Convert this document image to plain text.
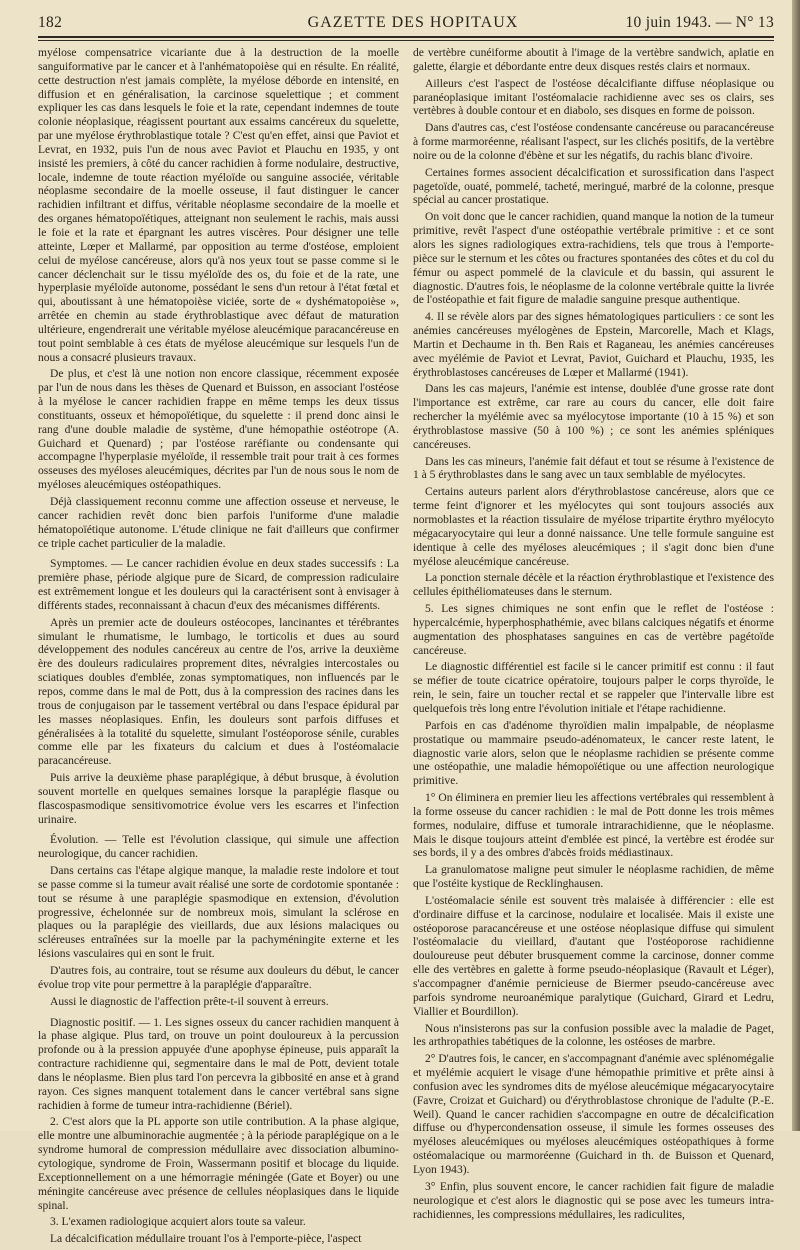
182	GAZETTE DES HOPITAUX	10 juin 1943. — N° 13

myélose compensatrice vicariante due à la destruction de la moelle sanguiformative par le cancer et à l'anhématopoièse qui en résulte. En réalité, cette destruction n'est jamais complète, la myélose déborde en intensité, en diffusion et en généralisation, la carcinose squelettique ; et comment expliquer les cas dans lesquels le foie et la rate, cependant indemnes de toute colonie néoplasique, réagissent pourtant aux essaims cancéreux du squelette, par une myélose érythroblastique totale ? C'est qu'en effet, ainsi que Paviot et Levrat, en 1932, puis l'un de nous avec Paviot et Plauchu en 1935, y ont insisté les premiers, à côté du cancer rachidien à forme nodulaire, destructive, locale, indemne de toute réaction myéloïde ou sanguine associée, véritable néoplasme secondaire de la moelle osseuse, il faut distinguer le cancer rachidien infiltrant et diffus, véritable néoplasme secondaire de la moelle et des organes hématopoïétiques, atteignant non seulement le rachis, mais aussi le foie et la rate et épargnant les autres viscères. Pour désigner une telle atteinte, Lœper et Mallarmé, par opposition au terme d'ostéose, emploient celui de myélose cancéreuse, alors qu'à nos yeux tout se passe comme si le cancer déclenchait sur le tissu myéloïde des os, du foie et de la rate, une hyperplasie myéloïde autonome, possédant le sens d'un retour à l'état fœtal et qui, aboutissant à une hématopoièse viciée, sorte de « dyshématopoièse », arrêtée en chemin au stade érythroblastique avec défaut de maturation ultérieure, engendrerait une véritable myélose aleucémique paracancéreuse en tout point semblable à ces états de myélose aleucémique sur lesquels l'un de nous a consacré plusieurs travaux.

De plus, et c'est là une notion non encore classique, récemment exposée par l'un de nous dans les thèses de Quenard et Buisson, en associant l'ostéose à la myélose le cancer rachidien frappe en même temps les deux tissus constituants, osseux et hémopoïétique, du squelette : il prend donc ainsi le rang d'une double maladie de système, d'une hémopathie ostéotrope (A. Guichard et Quenard) ; par l'ostéose raréfiante ou condensante qui accompagne l'hyperplasie myéloïde, il ressemble trait pour trait à ces formes osseuses des myéloses aleucémiques, décrites par l'un de nous sous le nom de myéloses aleucémiques ostéopathiques.

Déjà classiquement reconnu comme une affection osseuse et nerveuse, le cancer rachidien revêt donc bien parfois l'uniforme d'une maladie hématopoïétique autonome. L'étude clinique ne fait d'ailleurs que confirmer ce triple cachet particulier de la maladie.

Symptomes. — Le cancer rachidien évolue en deux stades successifs : La première phase, période algique pure de Sicard, de compression radiculaire est extrêmement longue et les douleurs qui la caractérisent sont à envisager à différents stades, reconnaissant à chacun d'eux des mécanismes différents.

Après un premier acte de douleurs ostéocopes, lancinantes et térébrantes simulant le rhumatisme, le lumbago, le torticolis et dues au sourd développement des nodules cancéreux au centre de l'os, arrive la deuxième ère des douleurs radiculaires proprement dites, névralgies intercostales ou sciatiques doubles d'emblée, zonas symptomatiques, non influencés par le repos, comme dans le mal de Pott, dus à la compression des racines dans les trous de conjugaison par le tassement vertébral ou dans l'espace épidural par les masses néoplasiques. Enfin, les douleurs sont parfois diffuses et généralisées à la totalité du squelette, simulant l'ostéoporose sénile, curables comme elle par les fixateurs du calcium et dues à l'ostéomalacie paracancéreuse.

Puis arrive la deuxième phase paraplégique, à début brusque, à évolution souvent mortelle en quelques semaines lorsque la paraplégie flasque ou flascospasmodique sensitivomotrice évolue vers les escarres et l'infection urinaire.

Évolution. — Telle est l'évolution classique, qui simule une affection neurologique, du cancer rachidien.

Dans certains cas l'étape algique manque, la maladie reste indolore et tout se passe comme si la tumeur avait réalisé une sorte de cordotomie spontanée : tout se résume à une paraplégie spasmodique en extension, d'évolution progressive, échelonnée sur de nombreux mois, simulant la sclérose en plaques ou la paraplégie des vieillards, due aux lésions malaciques ou scléreuses entraînées sur la moelle par la pachyméningite externe et les lésions vasculaires qui en sont le fruit.

D'autres fois, au contraire, tout se résume aux douleurs du début, le cancer évolue trop vite pour permettre à la paraplégie d'apparaître.

Aussi le diagnostic de l'affection prête-t-il souvent à erreurs.

Diagnostic positif. — 1. Les signes osseux du cancer rachidien manquent à la phase algique. Plus tard, on trouve un point douloureux à la percussion profonde ou à la pression appuyée d'une apophyse épineuse, puis apparaît la contracture rachidienne qui, segmentaire dans le mal de Pott, devient totale dans le néoplasme. Bien plus tard l'on percevra la gibbosité en anse et à grand rayon. Ces signes manquent totalement dans le cancer vertébral sans signe rachidien à forme de tumeur intra-rachidienne (Bériel).

2. C'est alors que la PL apporte son utile contribution. A la phase algique, elle montre une albuminorachie augmentée ; à la période paraplégique on a le syndrome humoral de compression médullaire avec dissociation albumino-cytologique, syndrome de Froin, Wassermann positif et blocage du liquide. Exceptionnellement on a une hémorragie méningée (Gate et Boyer) ou une méningite cancéreuse avec présence de cellules néoplasiques dans le liquide spinal.

3. L'examen radiologique acquiert alors toute sa valeur.

La décalcification médullaire trouant l'os à l'emporte-pièce, l'aspect

de vertèbre cunéiforme aboutit à l'image de la vertèbre sandwich, aplatie en galette, élargie et débordante entre deux disques restés clairs et normaux.

Ailleurs c'est l'aspect de l'ostéose décalcifiante diffuse néoplasique ou paranéoplasique imitant l'ostéomalacie rachidienne avec ses os clairs, ses vertèbres à double contour et en diabolo, ses disques en forme de poisson.

Dans d'autres cas, c'est l'ostéose condensante cancéreuse ou paracancéreuse à forme marmoréenne, réalisant l'aspect, sur les clichés positifs, de la vertèbre noire ou de la colonne d'ébène et sur les négatifs, du rachis blanc d'ivoire.

Certaines formes associent décalcification et surossification dans l'aspect pagetoïde, ouaté, pommelé, tacheté, meringué, marbré de la colonne, presque spécial au cancer prostatique.

On voit donc que le cancer rachidien, quand manque la notion de la tumeur primitive, revêt l'aspect d'une ostéopathie vertébrale primitive : et ce sont alors les signes radiologiques extra-rachidiens, tels que trous à l'emporte-pièce sur le sternum et les côtes ou fractures spontanées des côtes et du col du fémur ou aspect pommelé de la clavicule et du bassin, qui assurent le diagnostic. D'autres fois, le néoplasme de la colonne vertébrale quitte la livrée de l'ostéopathie et fait figure de maladie sanguine presque authentique.

4. Il se révèle alors par des signes hématologiques particuliers : ce sont les anémies cancéreuses myélogènes de Epstein, Marcorelle, Mach et Klags, Martin et Dechaume in th. Ben Rais et Raganeau, les anémies cancéreuses avec myélémie de Paviot et Levrat, Paviot, Guichard et Plauchu, 1935, les érythroblastoses cancéreuses de Lœper et Mallarmé (1941).

Dans les cas majeurs, l'anémie est intense, doublée d'une grosse rate dont l'importance est extrême, car rare au cours du cancer, elle doit faire rechercher la myélémie avec sa myélocytose importante (10 à 15 %) et son érythroblastose massive (50 à 100 %) ; ce sont les anémies spléniques cancéreuses.

Dans les cas mineurs, l'anémie fait défaut et tout se résume à l'existence de 1 à 5 érythroblastes dans le sang avec un taux semblable de myélocytes.

Certains auteurs parlent alors d'érythroblastose cancéreuse, alors que ce terme feint d'ignorer et les myélocytes qui sont toujours associés aux normoblastes et la réaction tissulaire de myélose tripartite érythro myélocyto mégacaryocytaire qui leur a donné naissance. Une telle formule sanguine est identique à celle des myéloses aleucémiques ; il s'agit donc bien d'une myélose aleucémique cancéreuse.

La ponction sternale décèle et la réaction érythroblastique et l'existence des cellules épithéliomateuses dans le sternum.

5. Les signes chimiques ne sont enfin que le reflet de l'ostéose : hypercalcémie, hyperphosphathémie, avec bilans calciques négatifs et énorme augmentation des phosphatases sanguines en cas de vertèbre pagétoïde cancéreuse.

Le diagnostic différentiel est facile si le cancer primitif est connu : il faut se méfier de toute cicatrice opératoire, toujours palper le corps thyroïde, le rein, le sein, faire un toucher rectal et se rappeler que l'intervalle libre est quelquefois très long entre l'évolution initiale et l'étape rachidienne.

Parfois en cas d'adénome thyroïdien malin impalpable, de néoplasme prostatique ou mammaire pseudo-adénomateux, le cancer reste latent, le diagnostic varie alors, selon que le néoplasme rachidien se présente comme une ostéopathie, une maladie hémopoïétique ou une affection neurologique primitive.

1° On éliminera en premier lieu les affections vertébrales qui ressemblent à la forme osseuse du cancer rachidien : le mal de Pott donne les trois mêmes formes, nodulaire, diffuse et tumorale intrarachidienne, que le néoplasme. Mais le disque toujours atteint d'emblée est pincé, la vertèbre est érodée sur ses bords, il y a des ombres d'abcès froids médiastinaux.

La granulomatose maligne peut simuler le néoplasme rachidien, de même que l'ostéite kystique de Recklinghausen.

L'ostéomalacie sénile est souvent très malaisée à différencier : elle est d'ordinaire diffuse et la carcinose, nodulaire et localisée. Mais il existe une ostéoporose paracancéreuse et une ostéose néoplasique diffuse qui simulent l'ostéomalacie du vieillard, d'autant que l'ostéoporose rachidienne douloureuse peut débuter brusquement comme la carcinose, donner comme elle des vertèbres en galette à forme pseudo-néoplasique (Ravault et Léger), s'accompagner d'anémie pernicieuse de Biermer pseudo-cancéreuse avec parfois syndrome neuroanémique paralytique (Guichard, Girard et Ledru, Viallier et Bourdillon).

Nous n'insisterons pas sur la confusion possible avec la maladie de Paget, les arthropathies tabétiques de la colonne, les ostéoses de marbre.

2° D'autres fois, le cancer, en s'accompagnant d'anémie avec splénomégalie et myélémie acquiert le visage d'une hémopathie primitive et prête ainsi à confusion avec les syndromes dits de myélose aleucémique mégacaryocytaire (Favre, Croizat et Guichard) ou d'érythroblastose chronique de l'adulte (P.-E. Weil). Quand le cancer rachidien s'accompagne en outre de décalcification diffuse ou d'hypercondensation osseuse, il simule les formes osseuses des myéloses aleucémiques ou myéloses aleucémiques ostéopathiques à forme ostéomalacique ou marmoréenne (Guichard in th. de Buisson et Quenard, Lyon 1943).

3° Enfin, plus souvent encore, le cancer rachidien fait figure de maladie neurologique et c'est alors le diagnostic qui se pose avec les tumeurs intra-rachidiennes, les compressions médullaires, les radiculites,
